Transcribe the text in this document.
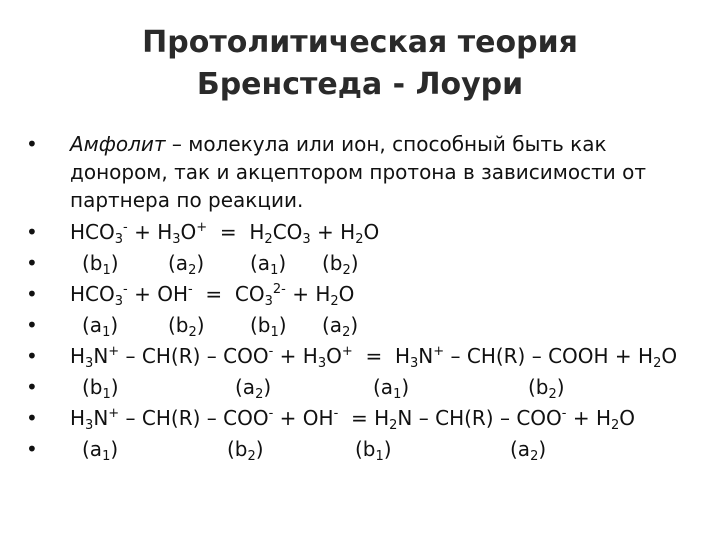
Протолитическая теория
Бренстеда - Лоури
• Амфолит – молекула или ион, способный быть как донором, так и акцептором протона в зависимости от партнера по реакции.
• $HCO_3^- + H_3O^+ = H_2CO_3 + H_2O$
• $(b_1)$ $(a_2)$ $(a_1)$ $(b_2)$
• $HCO_3^- + OH^- = CO_3^{2-} + H_2O$
• $(a_1)$ $(b_2)$ $(b_1)$ $(a_2)$
• $H_3N^+ - CH(R) - COO^- + H_3O^+ = H_3N^+ - CH(R)$ – COOH + $H_2O$
• $(b_1)$	$(a_2)$	$(a_1)$	$(b_2)$
• $H_3N^+ - CH(R) - COO^- + OH^- = H_2N - CH(R) - COO^- + H_2O$
• $(a_1)$	$(b_2)$	$(b_1)$	$(a_2)$
